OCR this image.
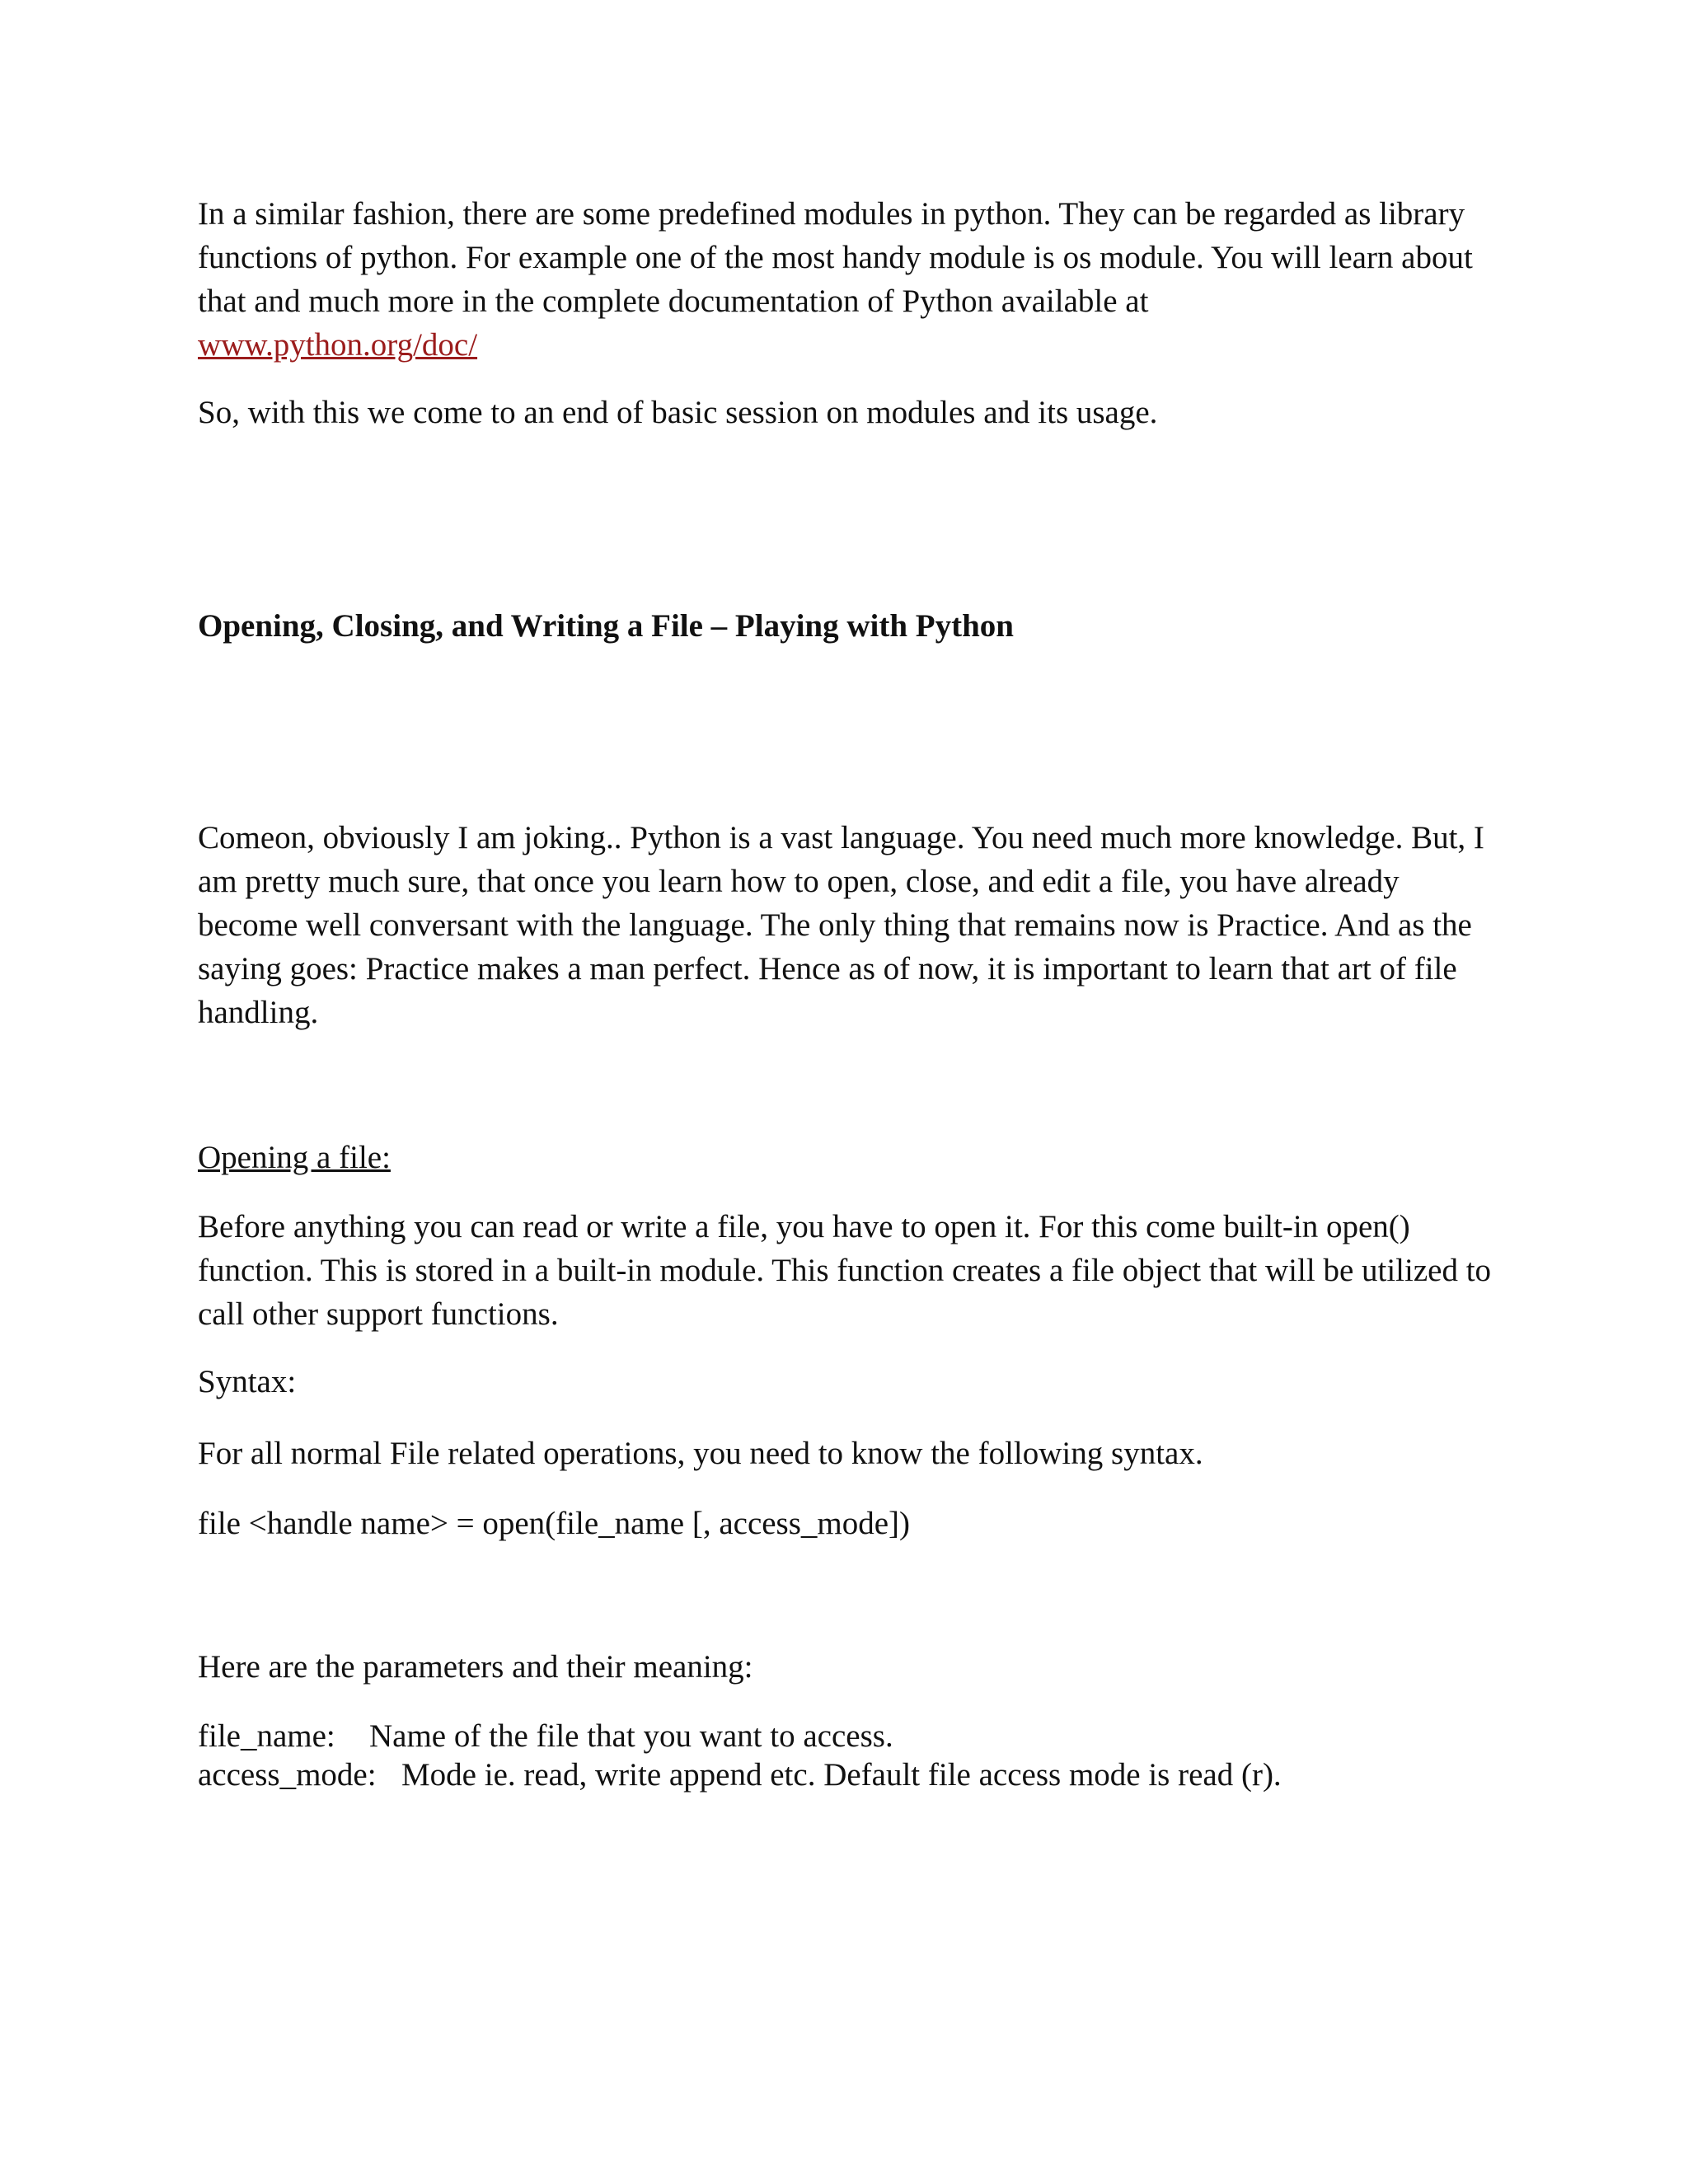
In a similar fashion, there are some predefined modules in python. They can be regarded as library functions of python. For example one of the most handy module is os module. You will learn about that and much more in the complete documentation of Python available at
www.python.org/doc/

So, with this we come to an end of basic session on modules and its usage.

Opening, Closing, and Writing a File – Playing with Python

Comeon, obviously I am joking.. Python is a vast language. You need much more knowledge. But, I am pretty much sure, that once you learn how to open, close, and edit a file, you have already become well conversant with the language. The only thing that remains now is Practice. And as the saying goes: Practice makes a man perfect. Hence as of now, it is important to learn that art of file handling.

Opening a file:

Before anything you can read or write a file, you have to open it. For this come built-in open() function. This is stored in a built-in module. This function creates a file object that will be utilized to call other support functions.

Syntax:

For all normal File related operations, you need to know the following syntax.

file <handle name> = open(file_name [, access_mode])

Here are the parameters and their meaning:

file_name: Name of the file that you want to access.
access_mode: Mode ie. read, write append etc. Default file access mode is read (r).
